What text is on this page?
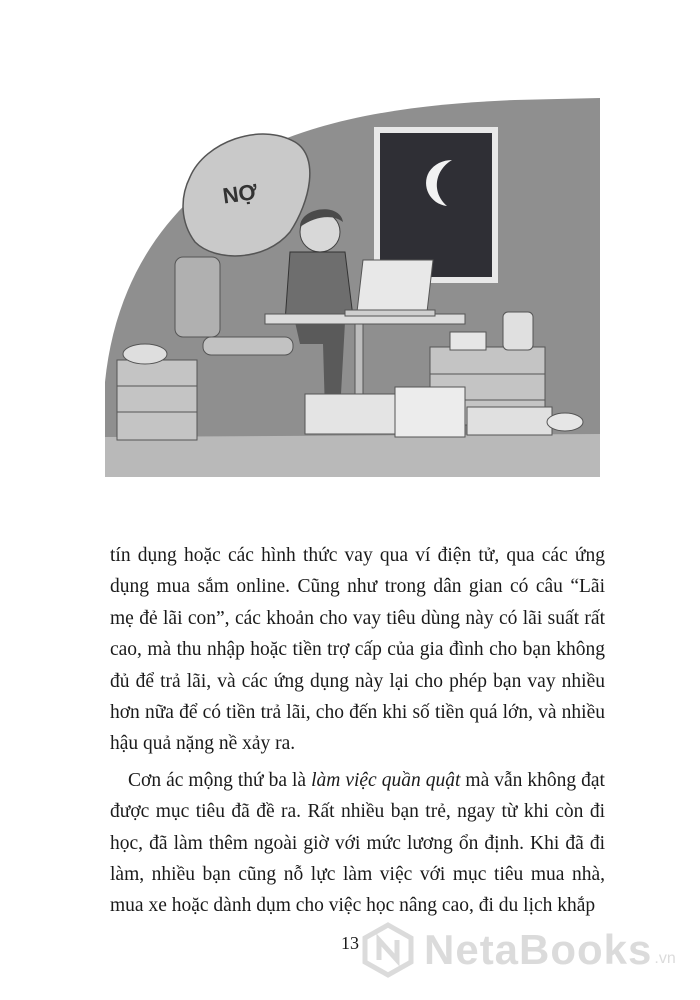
NỢ

tín dụng hoặc các hình thức vay qua ví điện tử, qua các ứng dụng mua sắm online. Cũng như trong dân gian có câu “Lãi mẹ đẻ lãi con”, các khoản cho vay tiêu dùng này có lãi suất rất cao, mà thu nhập hoặc tiền trợ cấp của gia đình cho bạn không đủ để trả lãi, và các ứng dụng này lại cho phép bạn vay nhiều hơn nữa để có tiền trả lãi, cho đến khi số tiền quá lớn, và nhiều hậu quả nặng nề xảy ra.

Cơn ác mộng thứ ba là làm việc quần quật mà vẫn không đạt được mục tiêu đã đề ra. Rất nhiều bạn trẻ, ngay từ khi còn đi học, đã làm thêm ngoài giờ với mức lương ổn định. Khi đã đi làm, nhiều bạn cũng nỗ lực làm việc với mục tiêu mua nhà, mua xe hoặc dành dụm cho việc học nâng cao, đi du lịch khắp

13	NetaBooks .vn
